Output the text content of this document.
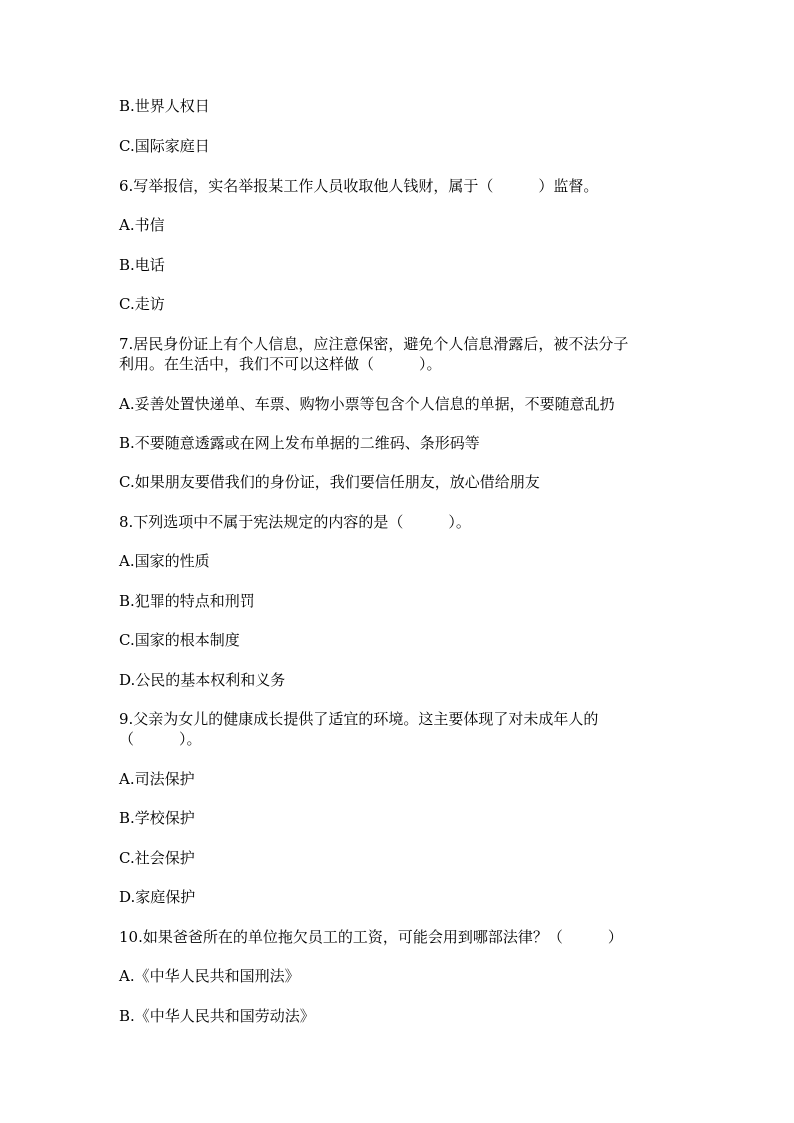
B.世界人权日

C.国际家庭日

6.写举报信，实名举报某工作人员收取他人钱财，属于（　　　）监督。

A.书信

B.电话

C.走访

7.居民身份证上有个人信息，应注意保密，避免个人信息滑露后，被不法分子

利用。在生活中，我们不可以这样做（　　　）。

A.妥善处置快递单、车票、购物小票等包含个人信息的单据，不要随意乱扔

B.不要随意透露或在网上发布单据的二维码、条形码等

C.如果朋友要借我们的身份证，我们要信任朋友，放心借给朋友

8.下列选项中不属于宪法规定的内容的是（　　　）。

A.国家的性质

B.犯罪的特点和刑罚

C.国家的根本制度

D.公民的基本权利和义务

9.父亲为女儿的健康成长提供了适宜的环境。这主要体现了对未成年人的

（　　　）。

A.司法保护

B.学校保护

C.社会保护

D.家庭保护

10.如果爸爸所在的单位拖欠员工的工资，可能会用到哪部法律？（　　　）

A.《中华人民共和国刑法》

B.《中华人民共和国劳动法》
